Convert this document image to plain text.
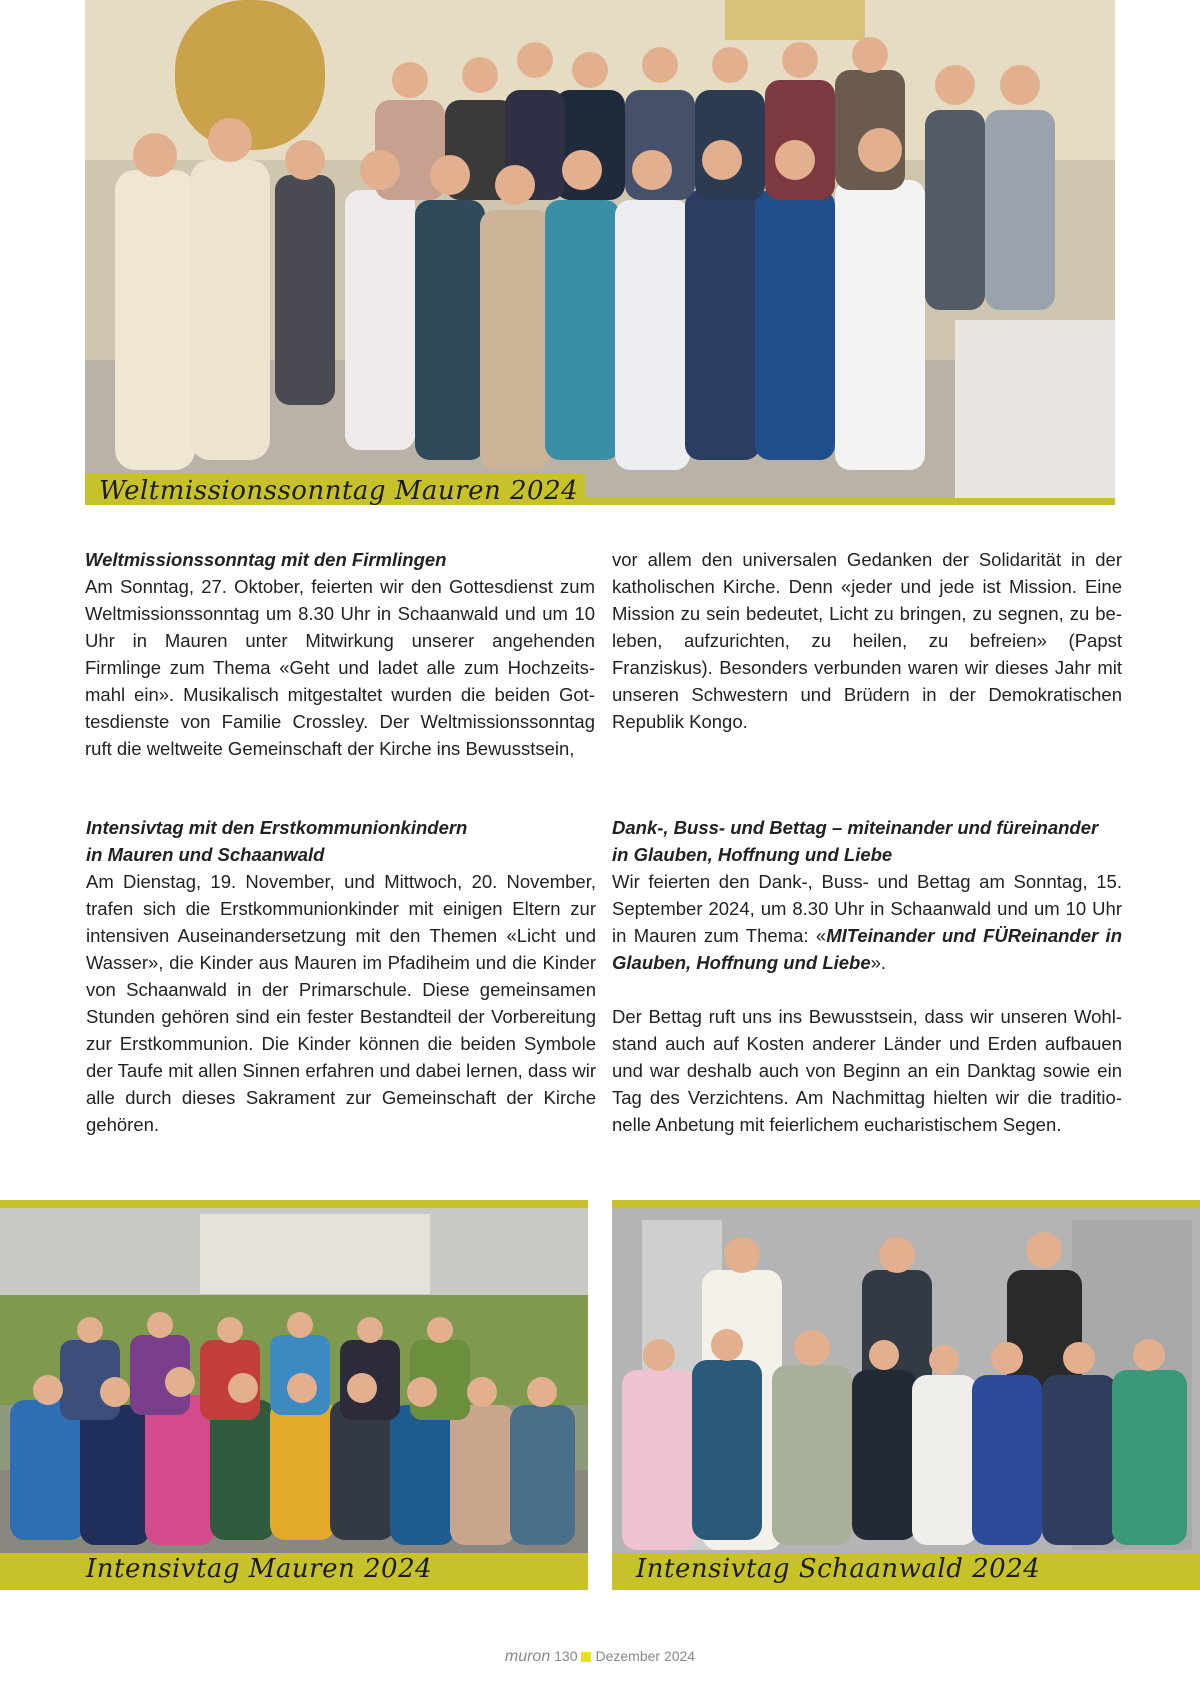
Weltmissionssonntag Mauren 2024

Weltmissionssonntag mit den Firmlingen

Am Sonntag, 27. Oktober, feierten wir den Gottesdienst zum Weltmissionssonntag um 8.30 Uhr in Schaanwald und um 10 Uhr in Mauren unter Mitwirkung unserer angehenden Firmlinge zum Thema «Geht und ladet alle zum Hochzeitsmahl ein». Musikalisch mitgestaltet wurden die beiden Gottesdienste von Familie Crossley. Der Weltmissionssonntag ruft die weltweite Gemeinschaft der Kirche ins Bewusstsein,

vor allem den universalen Gedanken der Solidarität in der katholischen Kirche. Denn «jeder und jede ist Mission. Eine Mission zu sein bedeutet, Licht zu bringen, zu segnen, zu beleben, aufzurichten, zu heilen, zu befreien» (Papst Franziskus). Besonders verbunden waren wir dieses Jahr mit unseren Schwestern und Brüdern in der Demokratischen Republik Kongo.

Intensivtag mit den Erstkommunionkindern

in Mauren und Schaanwald

Am Dienstag, 19. November, und Mittwoch, 20. November, trafen sich die Erstkommunionkinder mit einigen Eltern zur intensiven Auseinandersetzung mit den Themen «Licht und Wasser», die Kinder aus Mauren im Pfadiheim und die Kinder von Schaanwald in der Primarschule. Diese gemeinsamen Stunden gehören sind ein fester Bestandteil der Vorbereitung zur Erstkommunion. Die Kinder können die beiden Symbole der Taufe mit allen Sinnen erfahren und dabei lernen, dass wir alle durch dieses Sakrament zur Gemeinschaft der Kirche gehören.

Dank-, Buss- und Bettag – miteinander und füreinander

in Glauben, Hoffnung und Liebe

Wir feierten den Dank-, Buss- und Bettag am Sonntag, 15. September 2024, um 8.30 Uhr in Schaanwald und um 10 Uhr in Mauren zum Thema: «MITeinander und FÜReinander in Glauben, Hoffnung und Liebe».

Der Bettag ruft uns ins Bewusstsein, dass wir unseren Wohlstand auch auf Kosten anderer Länder und Erden aufbauen und war deshalb auch von Beginn an ein Danktag sowie ein Tag des Verzichtens. Am Nachmittag hielten wir die traditionelle Anbetung mit feierlichem eucharistischem Segen.

Intensivtag Mauren 2024	Intensivtag Schaanwald 2024
muron 130 Dezember 2024
